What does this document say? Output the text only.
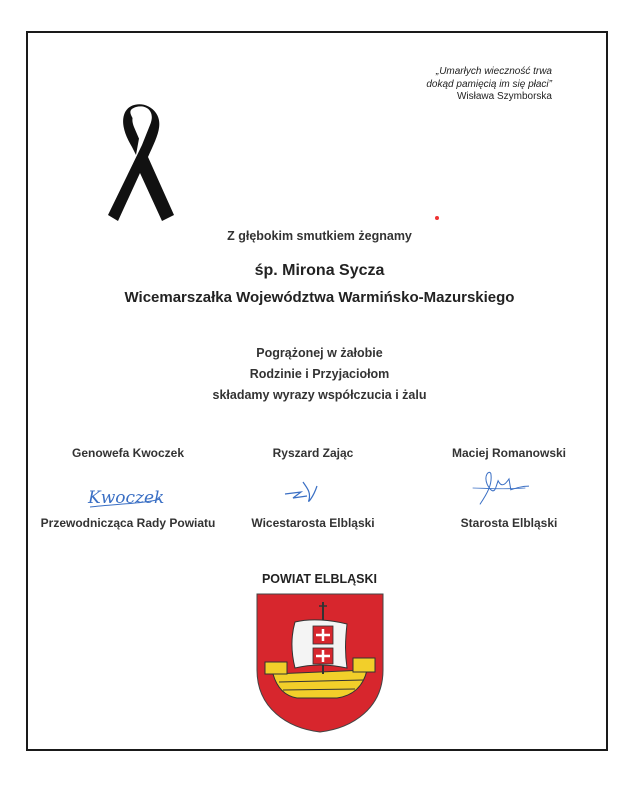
„Umarłych wieczność trwa
dokąd pamięcią im się płaci”
Wisława Szymborska
Z głębokim smutkiem żegnamy
śp. Mirona Sycza
Wicemarszałka Województwa Warmińsko-Mazurskiego
Pogrążonej w żałobie
Rodzinie i Przyjaciołom
składamy wyrazy współczucia i żalu
Genowefa Kwoczek	Ryszard Zając	Maciej Romanowski
Kwoczek
Przewodnicząca Rady Powiatu	Wicestarosta Elbląski	Starosta Elbląski
POWIAT ELBLĄSKI
